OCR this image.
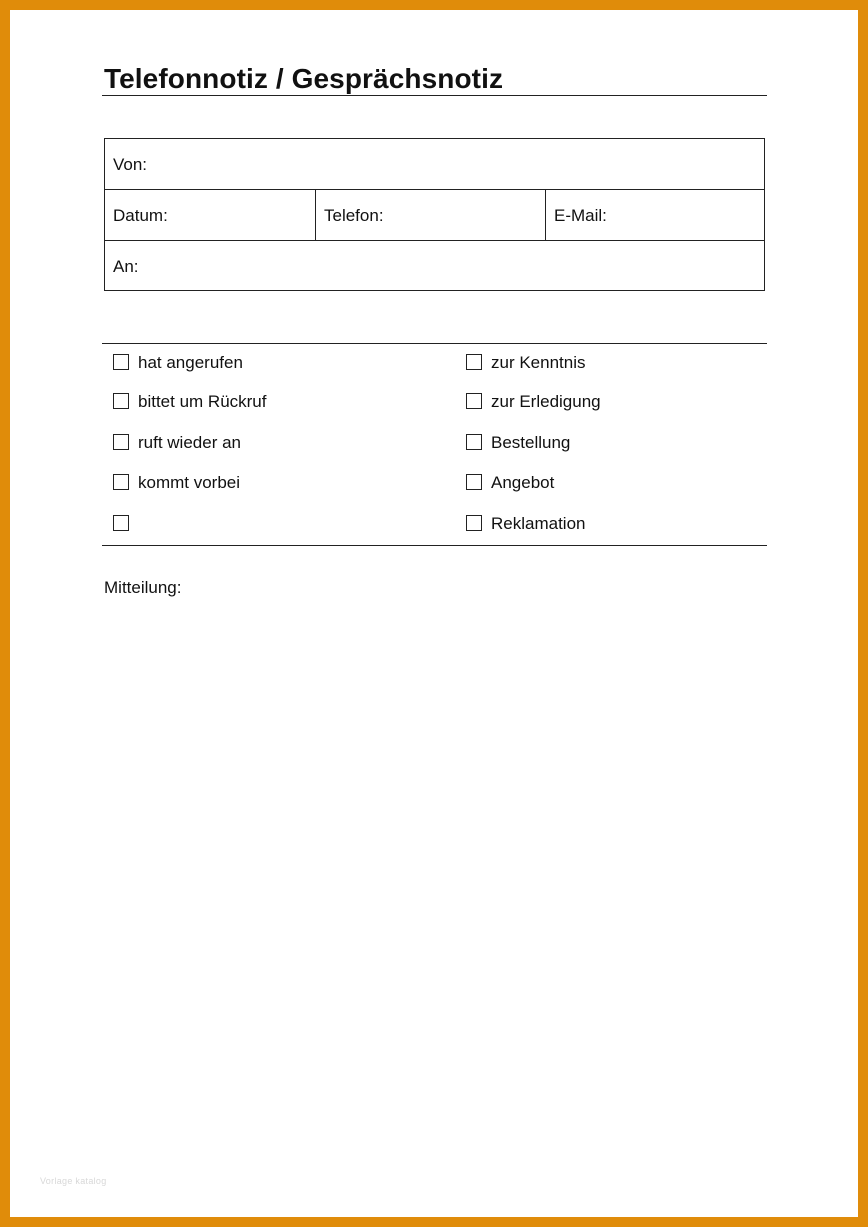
Telefonnotiz / Gesprächsnotiz
Von:
Datum:	Telefon:	E-Mail:
An:
hat angerufen
bittet um Rückruf
ruft wieder an
kommt vorbei
zur Kenntnis
zur Erledigung
Bestellung
Angebot
Reklamation
Mitteilung:
Vorlage katalog
